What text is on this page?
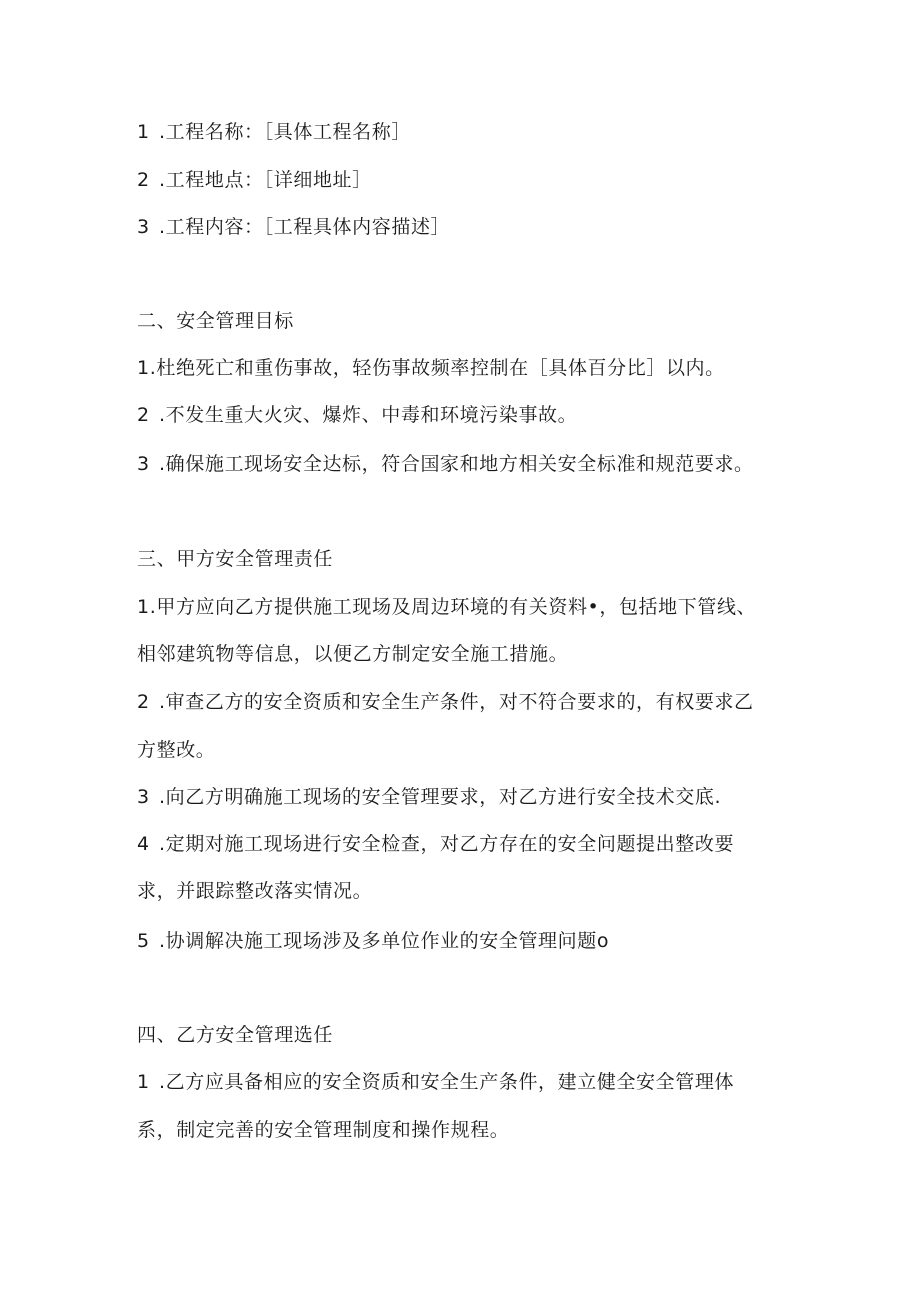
1 .工程名称：［具体工程名称］
2 .工程地点：［详细地址］
3 .工程内容：［工程具体内容描述］
二、安全管理目标
1.杜绝死亡和重伤事故，轻伤事故频率控制在［具体百分比］以内。
2 .不发生重大火灾、爆炸、中毒和环境污染事故。
3 .确保施工现场安全达标，符合国家和地方相关安全标准和规范要求。
三、甲方安全管理责任
1.甲方应向乙方提供施工现场及周边环境的有关资料•，包括地下管线、
相邻建筑物等信息，以便乙方制定安全施工措施。
2 .审查乙方的安全资质和安全生产条件，对不符合要求的，有权要求乙
方整改。
3 .向乙方明确施工现场的安全管理要求，对乙方进行安全技术交底.
4 .定期对施工现场进行安全检查，对乙方存在的安全问题提出整改要
求，并跟踪整改落实情况。
5 .协调解决施工现场涉及多单位作业的安全管理问题o
四、乙方安全管理选任
1 .乙方应具备相应的安全资质和安全生产条件，建立健全安全管理体
系，制定完善的安全管理制度和操作规程。
